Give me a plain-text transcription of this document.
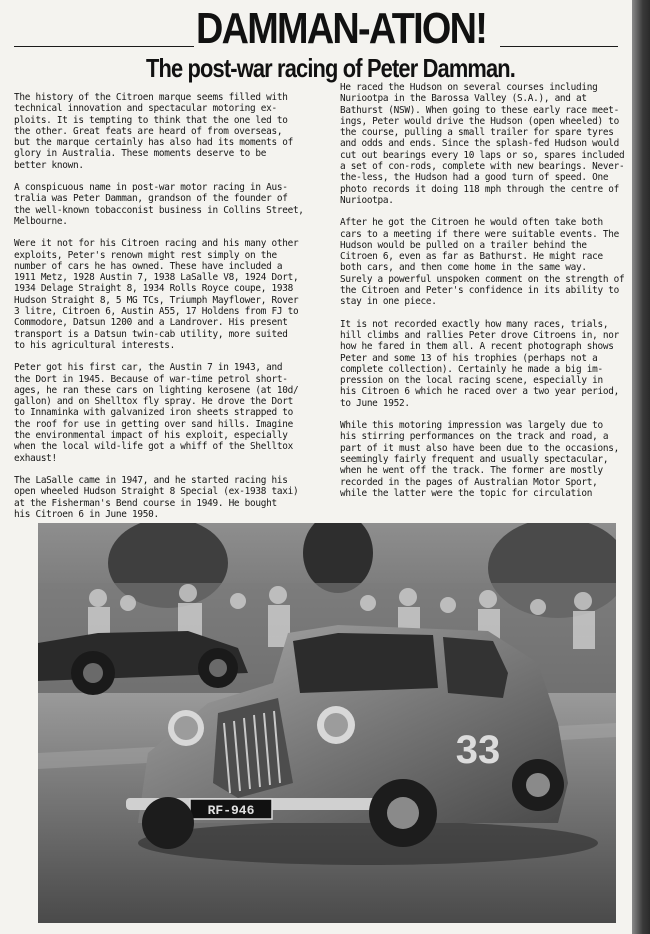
DAMMAN-ATION!
The post-war racing of Peter Damman.

The history of the Citroen marque seems filled with
technical innovation and spectacular motoring ex-
ploits. It is tempting to think that the one led to
the other. Great feats are heard of from overseas,
but the marque certainly has also had its moments of
glory in Australia. These moments deserve to be
better known.

A conspicuous name in post-war motor racing in Aus-
tralia was Peter Damman, grandson of the founder of
the well-known tobacconist business in Collins Street,
Melbourne.

Were it not for his Citroen racing and his many other
exploits, Peter's renown might rest simply on the
number of cars he has owned. These have included a
1911 Metz, 1928 Austin 7, 1938 LaSalle V8, 1924 Dort,
1934 Delage Straight 8, 1934 Rolls Royce coupe, 1938
Hudson Straight 8, 5 MG TCs, Triumph Mayflower, Rover
3 litre, Citroen 6, Austin A55, 17 Holdens from FJ to
Commodore, Datsun 1200 and a Landrover. His present
transport is a Datsun twin-cab utility, more suited
to his agricultural interests.

Peter got his first car, the Austin 7 in 1943, and
the Dort in 1945. Because of war-time petrol short-
ages, he ran these cars on lighting kerosene (at 10d/
gallon) and on Shelltox fly spray. He drove the Dort
to Innaminka with galvanized iron sheets strapped to
the roof for use in getting over sand hills. Imagine
the environmental impact of his exploit, especially
when the local wild-life got a whiff of the Shelltox
exhaust!

The LaSalle came in 1947, and he started racing his
open wheeled Hudson Straight 8 Special (ex-1938 taxi)
at the Fisherman's Bend course in 1949. He bought
his Citroen 6 in June 1950.

He raced the Hudson on several courses including
Nuriootpa in the Barossa Valley (S.A.), and at
Bathurst (NSW). When going to these early race meet-
ings, Peter would drive the Hudson (open wheeled) to
the course, pulling a small trailer for spare tyres
and odds and ends. Since the splash-fed Hudson would
cut out bearings every 10 laps or so, spares included
a set of con-rods, complete with new bearings. Never-
the-less, the Hudson had a good turn of speed. One
photo records it doing 118 mph through the centre of
Nuriootpa.

After he got the Citroen he would often take both
cars to a meeting if there were suitable events. The
Hudson would be pulled on a trailer behind the
Citroen 6, even as far as Bathurst. He might race
both cars, and then come home in the same way.
Surely a powerful unspoken comment on the strength of
the Citroen and Peter's confidence in its ability to
stay in one piece.

It is not recorded exactly how many races, trials,
hill climbs and rallies Peter drove Citroens in, nor
how he fared in them all. A recent photograph shows
Peter and some 13 of his trophies (perhaps not a
complete collection). Certainly he made a big im-
pression on the local racing scene, especially in
his Citroen 6 which he raced over a two year period,
to June 1952.

While this motoring impression was largely due to
his stirring performances on the track and road, a
part of it must also have been due to the occasions,
seemingly fairly frequent and usually spectacular,
when he went off the track. The former are mostly
recorded in the pages of Australian Motor Sport,
while the latter were the topic for circulation

RF-946
33
